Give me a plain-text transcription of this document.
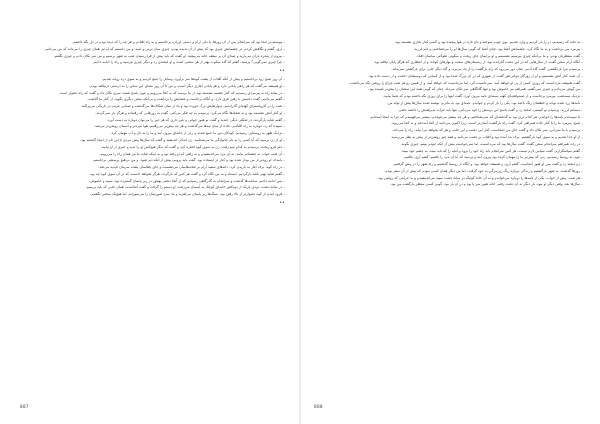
– پیوسته در آنجا بود که سرانجام پس از آن روزها، با دلی آرام و دستی لرزان، برخاستم و به راه افتادم و هر چه را که دیده بودم در دل نگه داشتم.

– آری، گفتم و نگاهش کردم. در چشمانش چیزی بود که پیش از آن ندیده بودم، چیزی میان ترس و امید، و من دانستم که او نیز همان چیزی را می‌داند که من می‌دانم.

– بیرون از پنجره باران می‌بارید و صدای آن بر سقف خانه می‌پیچید. او گفت که باید پیش از فرا رسیدن شب به شهر برسیم و من سر تکان دادم و چیزی نگفتم.

– چرا چیزی نمی‌گویی؟ پرسید. گفتم که گاه سکوت بهتر از هر سخنی است و او لبخندی زد و دیگر چیزی نپرسید و راه را ادامه دادیم.

••

– آن روز صبح زود برخاستیم و پیش از آنکه آفتاب از پشت کوه‌ها سر برآورد، وسایل را جمع کردیم و به سوی دره روانه شدیم.

– او همیشه می‌گفت که هر راهی پایانی دارد و هر پایانی آغازی دیگر است، و من تا آن روز معنای این سخن را به درستی درنیافته بودم.

– در میانهٔ راه به پیرمردی رسیدیم که کنار چشمه نشسته بود. از ما پرسید که به کجا می‌رویم و چون پاسخ شنید، سری تکان داد و گفت که راه دشوار است.

– گفتم می‌دانیم. گفت دانستن با رفتن فرق دارد. و آنگاه برخاست و عصایش را برداشت و بی‌آنکه سخن دیگری بگوید، از کنار ما گذشت.

– شب را در کاروانسرای کهنه‌ای گذراندیم. دیوارهایش ترک خورده بود و باد از میان شکاف‌ها می‌گذشت و صدایی غریب در تاریکی می‌پراکند.

– او کنار آتش نشسته بود و به شعله‌ها نگاه می‌کرد. پرسیدم به چه فکر می‌کنی. گفت به روزهایی که رفته‌اند و هرگز باز نمی‌گردند.

– گفتم شاید بازگردند، در شکلی دیگر. خندید و گفت تو هنوز جوانی و باور داری که هر چیز را می‌توان دوباره به دست آورد.

– سپیده که زد، دوباره به راه افتادیم. جاده از میان تپه‌ها می‌گذشت و هر چه پیش‌تر می‌رفتیم، هوا سردتر و آسمان روشن‌تر می‌شد.

– نزدیک ظهر به روستایی رسیدیم. کودکان دور ما جمع شدند و زنی از خانه‌ای بیرون آمد و ما را به نان و آب مهمان کرد.

– او از زن پرسید که آیا کسی را به نام خانوادگی ما می‌شناسد. زن اندکی اندیشید و گفت که سال‌ها پیش مردی با این نام از اینجا گذشته بود.

– دلم فرو ریخت. پرسیدم به کدام سو رفت. زن به سوی کوه اشاره کرد و گفت که دیگر هیچ‌کس او را ندید و خبری از او نیامد.

– آن شب خواب به چشمانم نیامد. به آن مرد می‌اندیشیدم و به راهی که او رفته بود و به اینکه شاید ما نیز همان راه را می‌رویم.

– بامداد، او زودتر از من بیدار شده بود و کنار در ایستاده بود. گفت باید برویم، پیش از آنکه دیر شود. و من بی‌هیچ پرسشی برخاستم.

– در راه کوه، برف آغاز به باریدن کرد. دانه‌های سفید آرام بر شانه‌هایمان می‌نشست و جای پاهایمان پشت سرمان ناپدید می‌شد.

– گفتم شاید بهتر باشد بازگردیم. ایستاد و به من نگاه کرد و گفت هر کس که بازگردد، هرگز نخواهد دانست که در آن سوی کوه چه بود.

– پس ادامه دادیم. ساعت‌ها گذشت و سرانجام به گذرگاهی رسیدیم که از آنجا دشتی پهناور در زیر پایمان گسترده بود، سپید و خاموش.

– در میانهٔ دشت، دودی باریک از دودکش خانه‌ای کوچک به آسمان می‌رفت. او دستم را گرفت و گفت آنجاست، همان جایی که باید برسیم.

– فرود آمدن از کوه دشوارتر از بالا رفتن بود. سنگ‌ها زیر پایمان می‌لغزید و باد سرد صورتمان را می‌سوزاند، اما هیچ‌یک سخنی نگفتیم.

••
887

– به خانه که رسیدیم، در را باز کردیم و وارد شدیم. بوی چوب سوخته و نان تازه در هوا پیچیده بود و کسی کنار بخاری نشسته بود.

– پیرمرد سر برداشت و به ما نگاه کرد. چشمانش آشنا بود، چنان آشنا که گویی سال‌ها او را می‌شناختم، و دلم لرزید.

– گفت منتظرتان بودم. و ما بی‌آنکه چیزی بپرسیم نشستیم و او برایمان چای ریخت و سکوتی طولانی میانمان افتاد.

– آنگاه آرام سخن گفت، از سال‌هایی که در این دشت گذرانده بود، از زمستان‌های سخت و بهارهای کوتاه، و از انتظاری که هرگز پایان نیافته بود.

– پرسیدم چرا بازنگشتی. گفت گاه آدمی چنان دور می‌رود که راه بازگشت را از یاد می‌برد، و گاه دیگر جایی برای بازگشتن نمی‌ماند.

– آن شب کنار آتش نشستیم و او از روزگار جوانی‌اش گفت. از شهری که در آن بزرگ شده بود و از کسانی که دوستشان داشت و از دست داده بود.

– گفت همیشه می‌دانست که روزی کسی از پی او خواهد آمد. نمی‌دانست کی، اما می‌دانست که خواهد آمد، و از همین رو هر شب چراغ را روشن نگه می‌داشت.

– من گوش می‌دادم و چیزی نمی‌گفتم. همراهم نیز خاموش بود و تنها گاه‌گاهی سر تکان می‌داد، چنان که گویی همهٔ این سخنان را پیش‌تر شنیده بود.

– نزدیک نیمه‌شب، پیرمرد برخاست و از صندوقچه‌ای کهنه بسته‌ای نامه بیرون آورد. گفت اینها را برای روزی نگه داشته بودم که شما بیایید.

– نامه‌ها زرد شده بودند و خطشان رنگ باخته بود. یکی را باز کردم و خواندم. نامه‌ای بود به مادرم، نوشته شده سال‌ها پیش از تولد من.

– دستانم لرزید. پرسیدم تو کیستی. لبخند زد و گفت پاسخ این پرسش را خود می‌دانی، تنها باید جرأت پذیرفتنش را داشته باشی.

– تا سپیده‌دم نامه‌ها را خواندم. هر کدام دری بود به گذشته‌ای که نمی‌شناختم، و هر چه بیشتر می‌خواندم، بیشتر می‌فهمیدم که چرا به اینجا آمده‌ایم.

– صبح، پیرمرد ما را تا کنار جاده همراهی کرد. گفت راه بازگشت آسان‌تر است، زیرا اکنون می‌دانید از کجا آمده‌اید و به کجا می‌روید.

– پرسیدم با ما نمی‌آیی. سر تکان داد و گفت جای من اینجاست، کنار این دشت و این خانه، و هر که بخواهد مرا بیابد، راه را می‌داند.

– از او جدا شدیم و به سوی کوه بازگشتیم. برف بند آمده بود و آفتاب بر دشت می‌تابید و همه چیز روشن‌تر از پیش به نظر می‌رسید.

– در راه، همراهم سرانجام سخن گفت. گفت سال‌ها بود که می‌دانست، اما نمی‌خواست پیش از آنکه خودم ببینم، چیزی بگوید.

– گفتم سپاسگزارم. گفت سپاس لازم نیست، هر کس سرانجام باید راه خود را برود و آنچه را که باید ببیند، به چشم خود ببیند.

– چون به روستا رسیدیم، زنی که پیش‌تر ما را مهمان کرده بود بیرون آمد و پرسید که آیا آن مرد را یافتیم. گفتم آری، یافتیم.

– زن لبخند زد و گفت پس او هنوز آنجاست. گفتم آری، و همیشه خواهد بود. و آنگاه از روستا گذشتیم و راه شهر را در پیش گرفتیم.

– روزها گذشت. به شهر بازگشتیم و زندگی دوباره رنگ روزمرگی به خود گرفت، اما من دیگر همان کسی نبودم که پیش از آن سفر بودم.

– هر شب، پیش از خواب، یکی از نامه‌ها را دوباره می‌خواندم و به آن خانهٔ کوچک در میانهٔ دشت سپید می‌اندیشیدم و به چراغی که روشن بود.

– سال‌ها بعد، وقتی دیگر او نبود، بار دیگر به آن دشت رفتم. خانه هنوز سر پا بود و در آن باز بود، گویی کسی منتظر بازگشت من بود.

888
